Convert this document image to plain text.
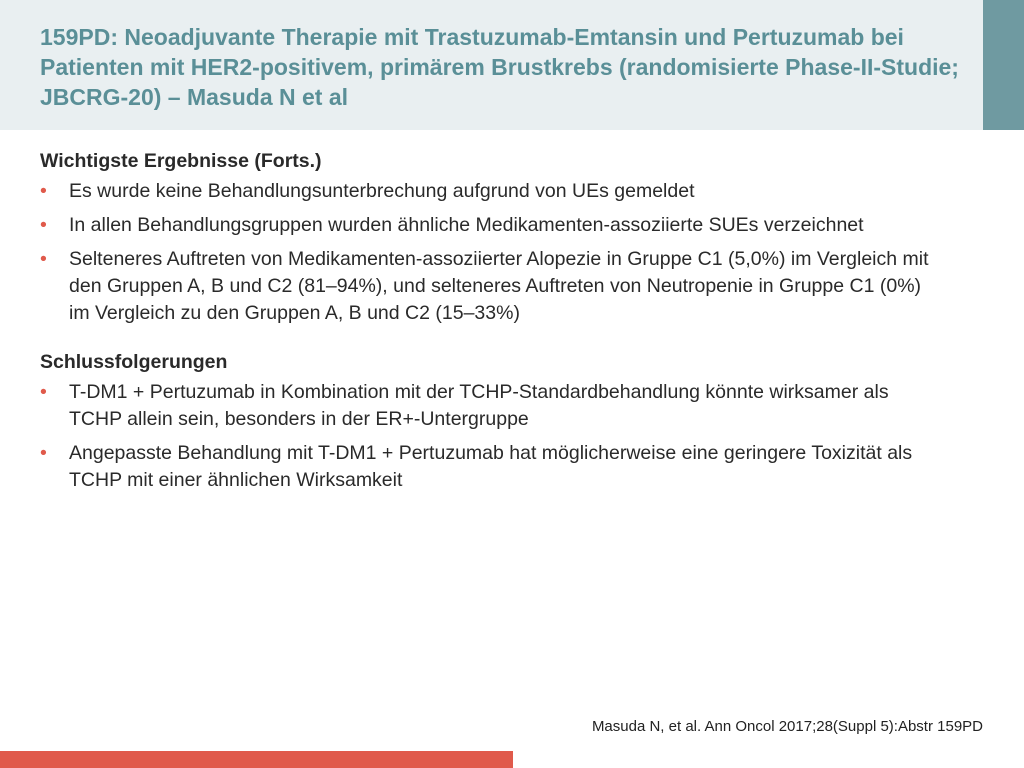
159PD: Neoadjuvante Therapie mit Trastuzumab-Emtansin und Pertuzumab bei Patienten mit HER2-positivem, primärem Brustkrebs (randomisierte Phase-II-Studie; JBCRG-20) – Masuda N et al
Wichtigste Ergebnisse (Forts.)
• Es wurde keine Behandlungsunterbrechung aufgrund von UEs gemeldet
• In allen Behandlungsgruppen wurden ähnliche Medikamenten-assoziierte SUEs verzeichnet
• Selteneres Auftreten von Medikamenten-assoziierter Alopezie in Gruppe C1 (5,0%) im Vergleich mit den Gruppen A, B und C2 (81–94%), und selteneres Auftreten von Neutropenie in Gruppe C1 (0%) im Vergleich zu den Gruppen A, B und C2 (15–33%)
Schlussfolgerungen
• T-DM1 + Pertuzumab in Kombination mit der TCHP-Standardbehandlung könnte wirksamer als TCHP allein sein, besonders in der ER+-Untergruppe
• Angepasste Behandlung mit T-DM1 + Pertuzumab hat möglicherweise eine geringere Toxizität als TCHP mit einer ähnlichen Wirksamkeit
Masuda N, et al. Ann Oncol 2017;28(Suppl 5):Abstr 159PD
